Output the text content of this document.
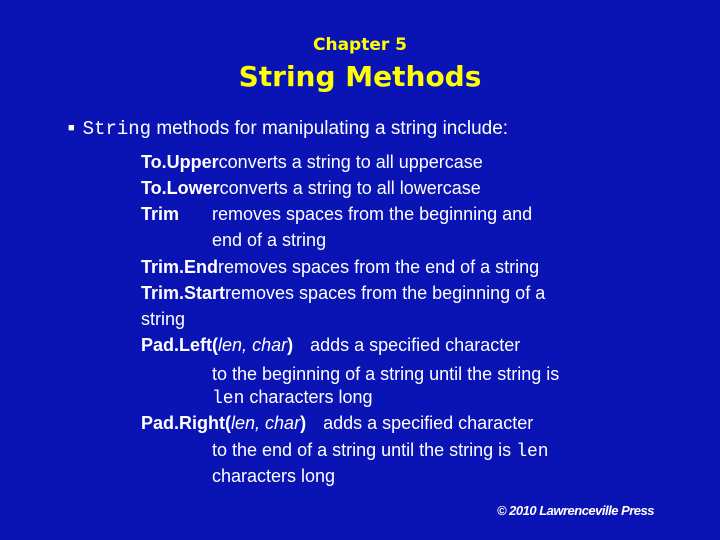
Chapter 5
String Methods
■ String methods for manipulating a string include:
To.Upperconverts a string to all uppercase
To.Lowerconverts a string to all lowercase
Trim removes spaces from the beginning and
end of a string
Trim.Endremoves spaces from the end of a string
Trim.Startremoves spaces from the beginning of a
string
Pad.Left(len, char) adds a specified character
to the beginning of a string until the string is
len characters long
Pad.Right(len, char) adds a specified character
to the end of a string until the string is len
characters long
© 2010 Lawrenceville Press
